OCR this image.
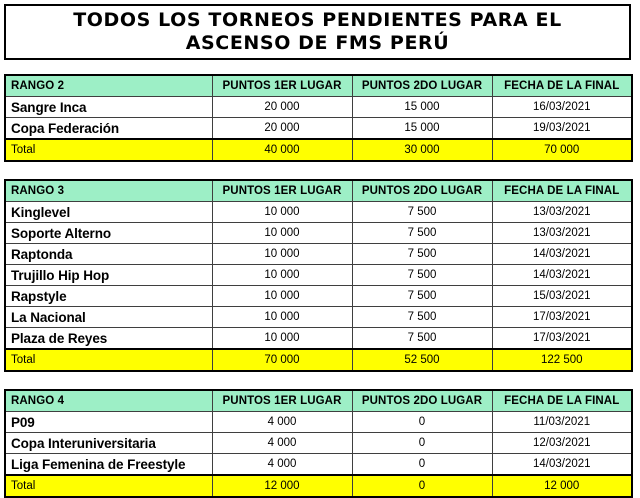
TODOS LOS TORNEOS PENDIENTES PARA EL
ASCENSO DE FMS PERÚ
RANGO 2	PUNTOS 1ER LUGAR	PUNTOS 2DO LUGAR	FECHA DE LA FINAL
Sangre Inca	20 000	15 000	16/03/2021
Copa Federación	20 000	15 000	19/03/2021
Total	40 000	30 000	70 000
RANGO 3	PUNTOS 1ER LUGAR	PUNTOS 2DO LUGAR	FECHA DE LA FINAL
Kinglevel	10 000	7 500	13/03/2021
Soporte Alterno	10 000	7 500	13/03/2021
Raptonda	10 000	7 500	14/03/2021
Trujillo Hip Hop	10 000	7 500	14/03/2021
Rapstyle	10 000	7 500	15/03/2021
La Nacional	10 000	7 500	17/03/2021
Plaza de Reyes	10 000	7 500	17/03/2021
Total	70 000	52 500	122 500
RANGO 4	PUNTOS 1ER LUGAR	PUNTOS 2DO LUGAR	FECHA DE LA FINAL
P09	4 000	0	11/03/2021
Copa Interuniversitaria	4 000	0	12/03/2021
Liga Femenina de Freestyle	4 000	0	14/03/2021
Total	12 000	0	12 000
